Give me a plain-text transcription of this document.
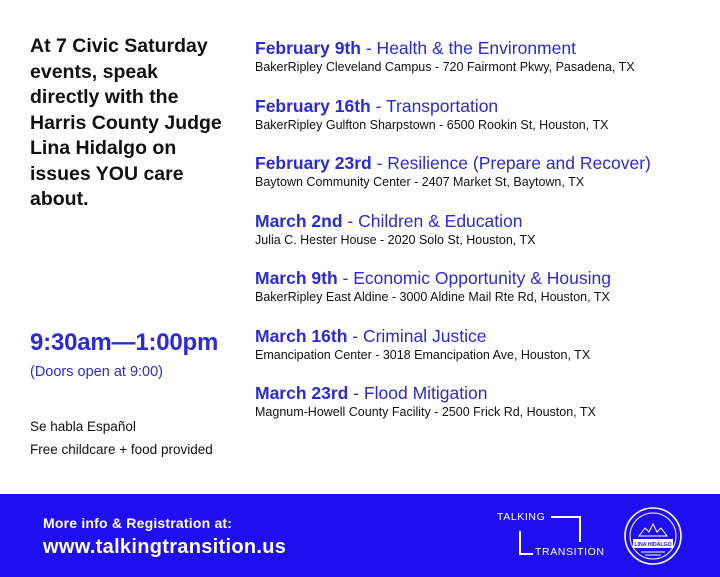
At 7 Civic Saturday
events, speak
directly with the
Harris County Judge
Lina Hidalgo on
issues YOU care
about.
9:30am—1:00pm
(Doors open at 9:00)
Se habla Español
Free childcare + food provided
February 9th - Health & the Environment
BakerRipley Cleveland Campus - 720 Fairmont Pkwy, Pasadena, TX
February 16th - Transportation
BakerRipley Gulfton Sharpstown - 6500 Rookin St, Houston, TX
February 23rd - Resilience (Prepare and Recover)
Baytown Community Center - 2407 Market St, Baytown, TX
March 2nd - Children & Education
Julia C. Hester House - 2020 Solo St, Houston, TX
March 9th - Economic Opportunity & Housing
BakerRipley East Aldine - 3000 Aldine Mail Rte Rd, Houston, TX
March 16th - Criminal Justice
Emancipation Center - 3018 Emancipation Ave, Houston, TX
March 23rd - Flood Mitigation
Magnum-Howell County Facility - 2500 Frick Rd, Houston, TX
More info & Registration at:
www.talkingtransition.us
TALKING
TRANSITION
LINA HIDALGO
